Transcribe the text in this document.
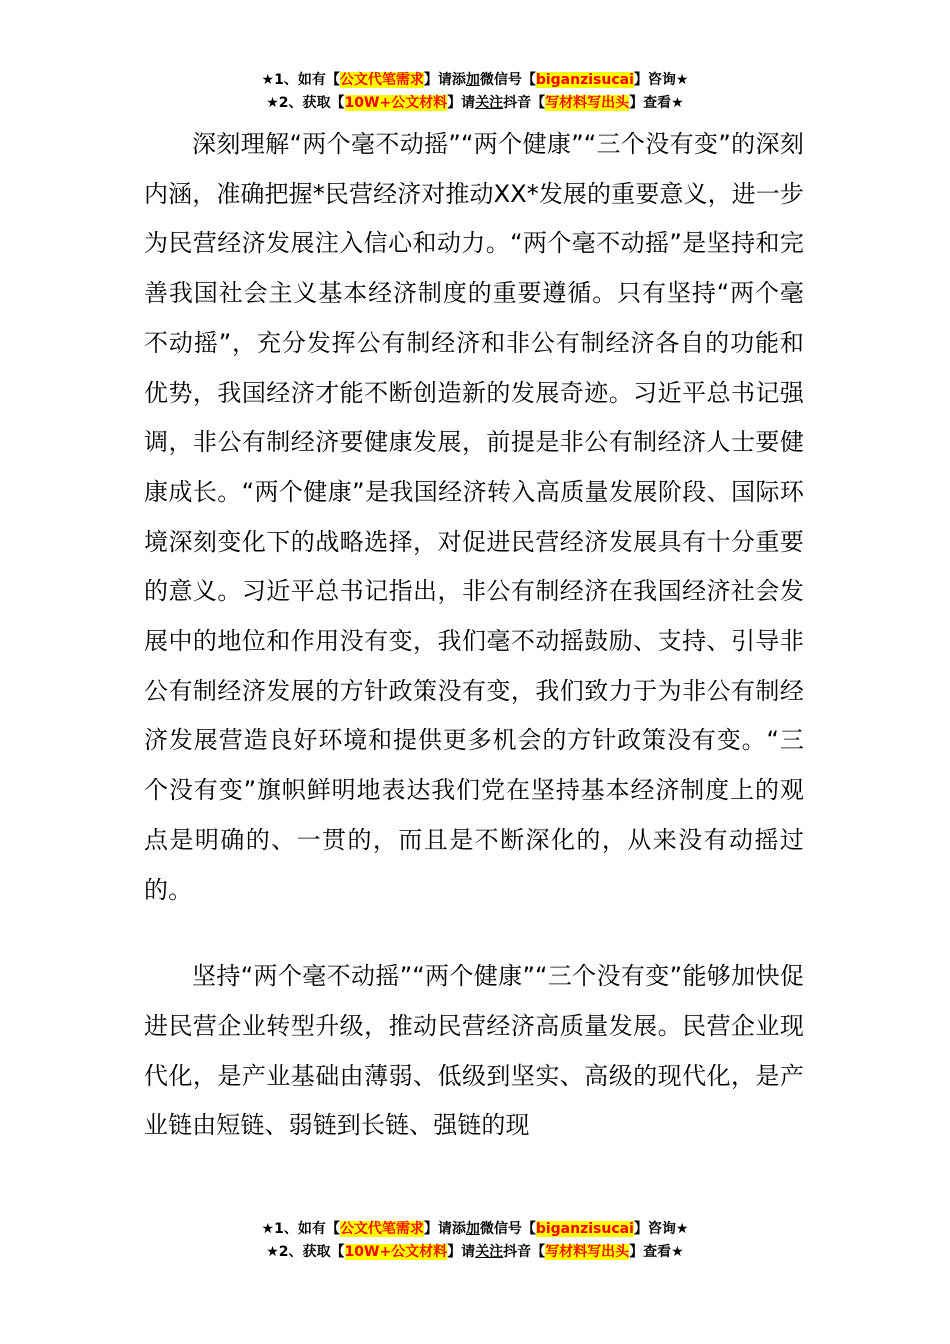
★1、如有【公文代笔需求】请添加微信号【biganzisucai】咨询★
★2、获取【10W+公文材料】请关注抖音【写材料写出头】查看★

深刻理解“两个毫不动摇”“两个健康”“三个没有变”的深刻内涵，准确把握*民营经济对推动XX*发展的重要意义，进一步为民营经济发展注入信心和动力。“两个毫不动摇”是坚持和完善我国社会主义基本经济制度的重要遵循。只有坚持“两个毫不动摇”，充分发挥公有制经济和非公有制经济各自的功能和优势，我国经济才能不断创造新的发展奇迹。习近平总书记强调，非公有制经济要健康发展，前提是非公有制经济人士要健康成长。“两个健康”是我国经济转入高质量发展阶段、国际环境深刻变化下的战略选择，对促进民营经济发展具有十分重要的意义。习近平总书记指出，非公有制经济在我国经济社会发展中的地位和作用没有变，我们毫不动摇鼓励、支持、引导非公有制经济发展的方针政策没有变，我们致力于为非公有制经济发展营造良好环境和提供更多机会的方针政策没有变。“三个没有变”旗帜鲜明地表达我们党在坚持基本经济制度上的观点是明确的、一贯的，而且是不断深化的，从来没有动摇过的。

坚持“两个毫不动摇”“两个健康”“三个没有变”能够加快促进民营企业转型升级，推动民营经济高质量发展。民营企业现代化，是产业基础由薄弱、低级到坚实、高级的现代化，是产业链由短链、弱链到长链、强链的现

★1、如有【公文代笔需求】请添加微信号【biganzisucai】咨询★
★2、获取【10W+公文材料】请关注抖音【写材料写出头】查看★
